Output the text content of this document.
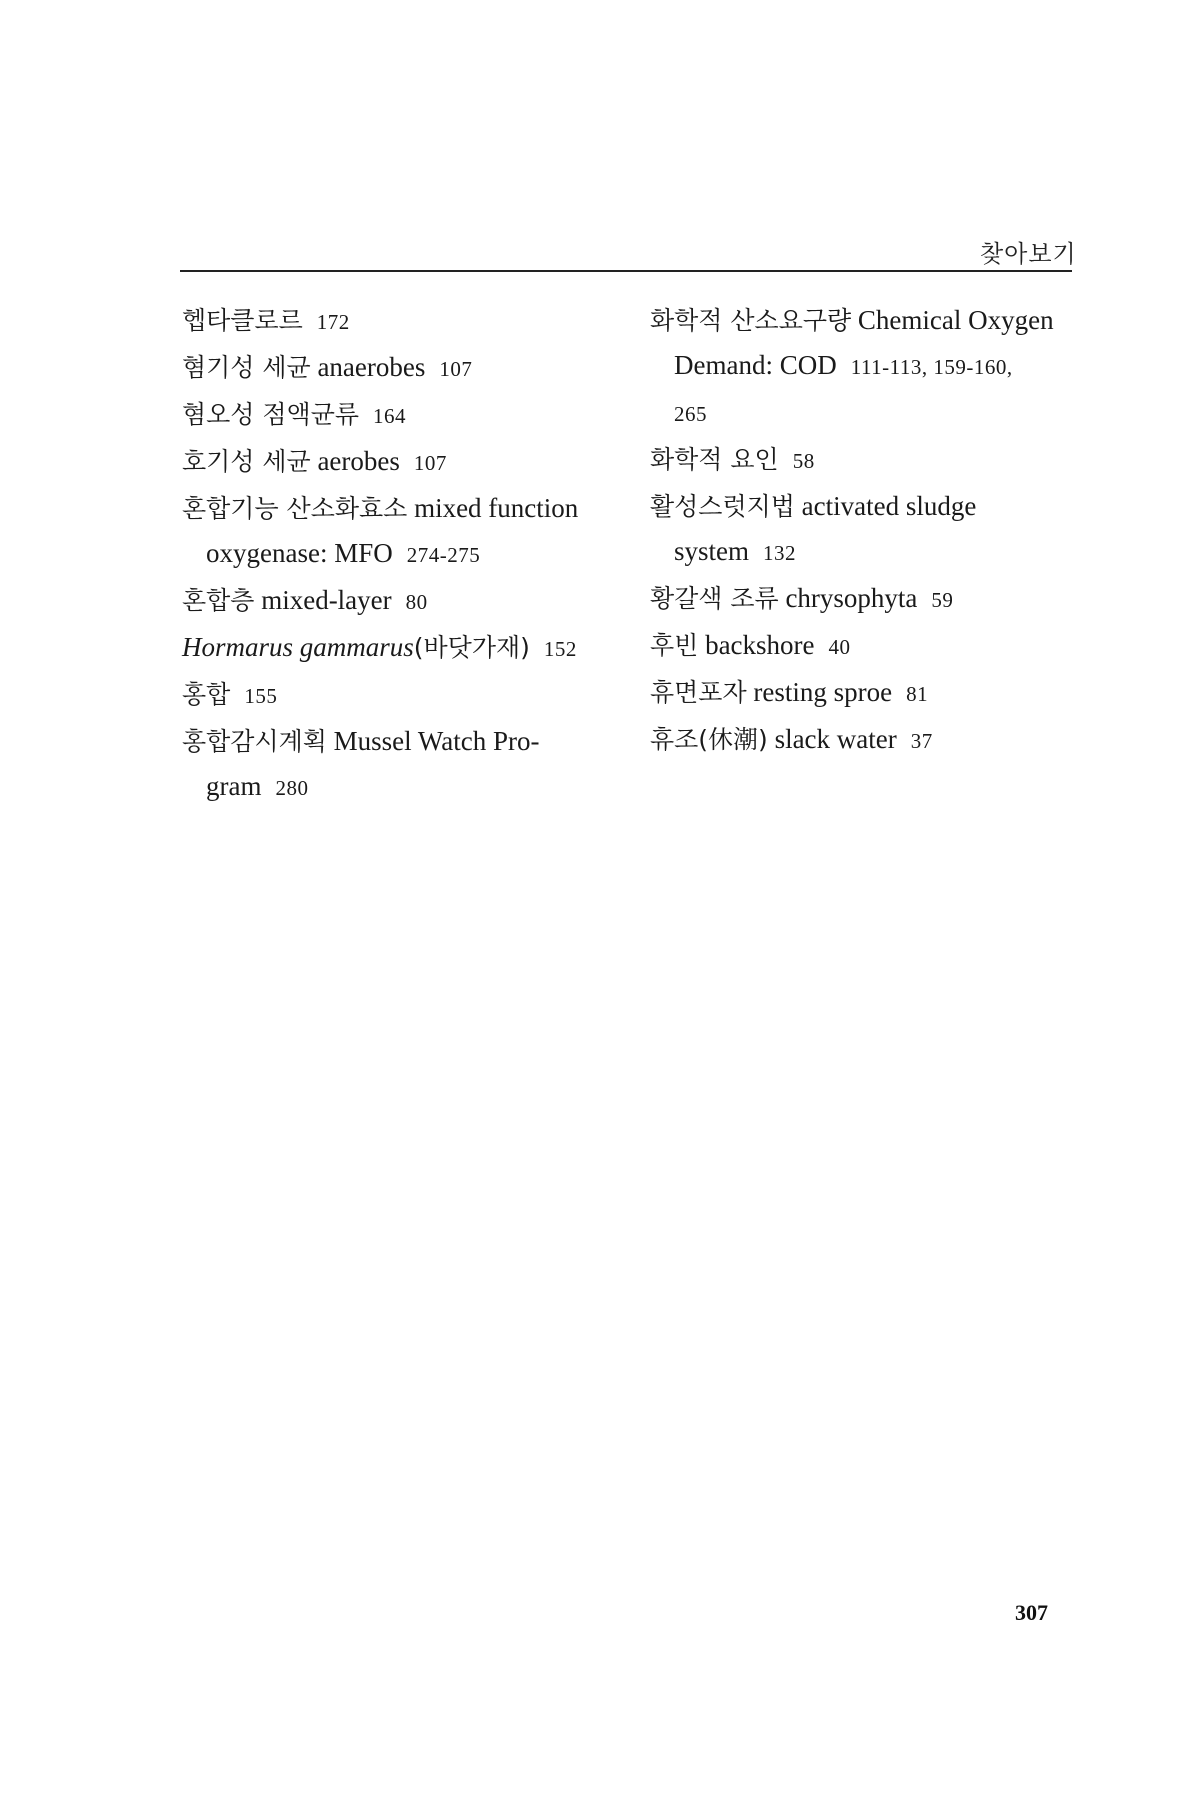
찾아보기

헵타클로르 172

혐기성 세균 anaerobes 107

혐오성 점액균류 164

호기성 세균 aerobes 107

혼합기능 산소화효소 mixed function

oxygenase: MFO 274-275

혼합층 mixed-layer 80

Hormarus gammarus(바닷가재) 152

홍합 155

홍합감시계획 Mussel Watch Pro-

gram 280

화학적 산소요구량 Chemical Oxygen

Demand: COD 111-113, 159-160,

265

화학적 요인 58

활성스럿지법 activated sludge

system 132

황갈색 조류 chrysophyta 59

후빈 backshore 40

휴면포자 resting sproe 81

휴조(休潮) slack water 37

307
